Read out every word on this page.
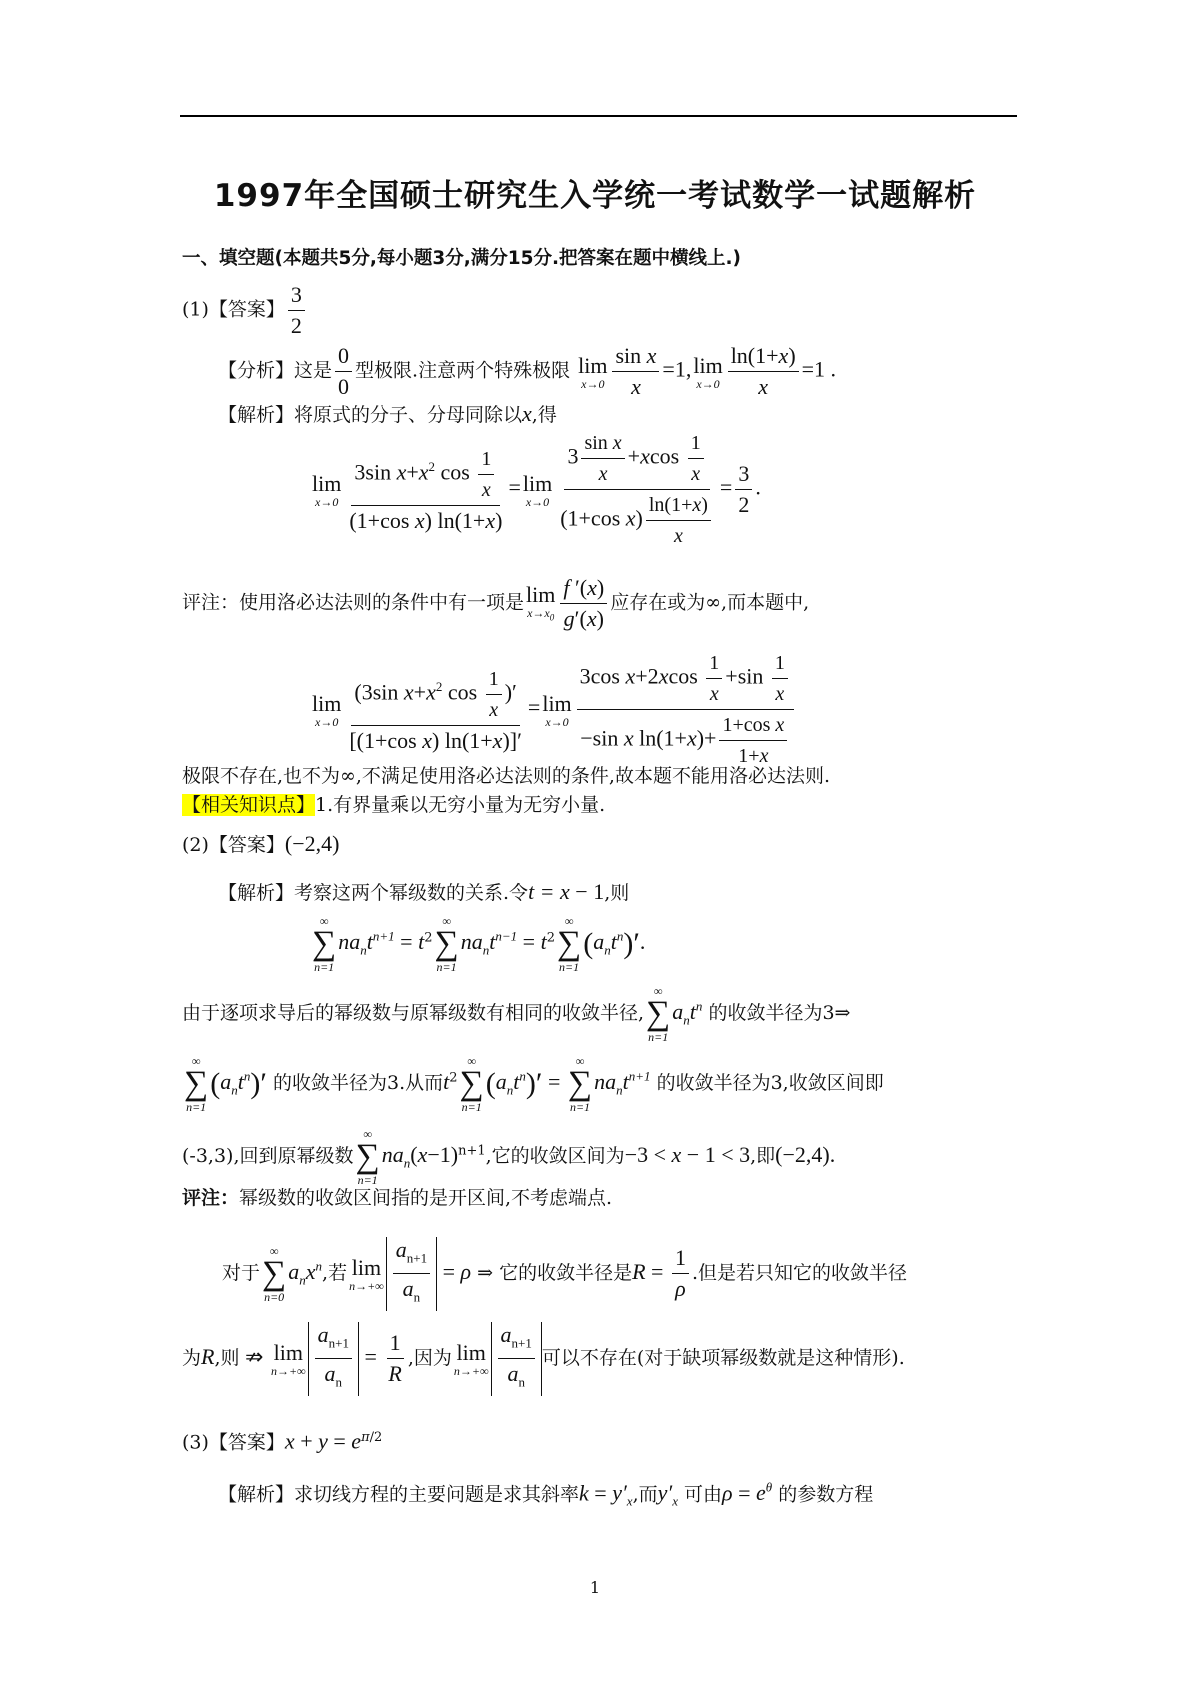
1997年全国硕士研究生入学统一考试数学一试题解析
一、填空题(本题共5分,每小题3分,满分15分.把答案在题中横线上.)
(1)【答案】 $\frac{3}{2}$
【分析】这是 $\frac{0}{0}$ 型极限.注意两个特殊极限 lim
$x\to 0 \frac{\text{sin x}}{x} =1$, lim
$x\to 0 \frac{\ln(1+x)}{x} =1$ .
【解析】将原式的分子、分母同除以x,得
lim
$x\to 0 \frac{3\sin x+x^2 \cos \frac{1}{x}}{\text{(1+cos x) ln(1+x)}} = \lim$
$x\to 0 \frac{3 \frac{\text{sin x}}{x} +xcos \frac{1}{x}}{(1+\cos x) \frac{\ln(1+x)}{x}} = \frac{3}{2}$ .
评注：使用洛必达法则的条件中有一项是 lim
$x\to x_0 \frac{f '(x)}{g'(x)}$ 应存在或为∞,而本题中,
lim
$x\to 0 \frac{(3\sin x+x^2 \cos \frac{1}{x} )'}{\text{[(1+cos x) ln(1+x)]′}} = \lim$
$x\to 0 \frac{3\cos x+2xcos \frac{1}{x} +\sin \frac{1}{x}}{-\sin x \ln(1+x)+ \frac{\text{1+cos x}}{1+x}}$
极限不存在,也不为∞,不满足使用洛必达法则的条件,故本题不能用洛必达法则.
【相关知识点】1.有界量乘以无穷小量为无穷小量.
(2)【答案】(−2,4)
【解析】考察这两个幂级数的关系.令t = x − 1,则
∞
∑
n=1
$na_nt^{n+1} = t^2$
∞
∑
n=1
$na_nt^{n-1} = t^2$
∞
∑
n=1
$(a_nt^n)'$.
由于逐项求导后的幂级数与原幂级数有相同的收敛半径,
∞
∑
n=1
$a_nt^n$ 的收敛半径为3⇒
∞
∑
n=1
$(a_nt^n)'$ 的收敛半径为3.从而$t^2$
∞
∑
n=1
$(a_nt^n)'$ =
∞
∑
n=1
$na_nt^{n+1}$ 的收敛半径为3,收敛区间即
(-3,3),回到原幂级数
∞
∑
n=1
$na_n(x-1)^{n+1}$,它的收敛区间为−3 < x − 1 < 3,即(−2,4).
评注：幂级数的收敛区间指的是开区间,不考虑端点.
对于
∞
∑
n=0
$a_nx^n$,若 lim
$n\to+\infty \frac{a_{n+1}}{a_n} = \rho$ ⇒ 它的收敛半径是$R = \frac{1}{\rho}$ .但是若只知它的收敛半径
为R,则 ⇏ lim
$n\to+\infty \frac{a_{n+1}}{a_n} = \frac{1}{R}$ ,因为 lim
$n\to+\infty \frac{a_{n+1}}{a_n}$ 可以不存在(对于缺项幂级数就是这种情形).
(3)【答案】$x + y = e^{\pi/2}$
【解析】求切线方程的主要问题是求其斜率$k = y'_x$,而$y'_x$ 可由$\rho = e^\theta$ 的参数方程
1
